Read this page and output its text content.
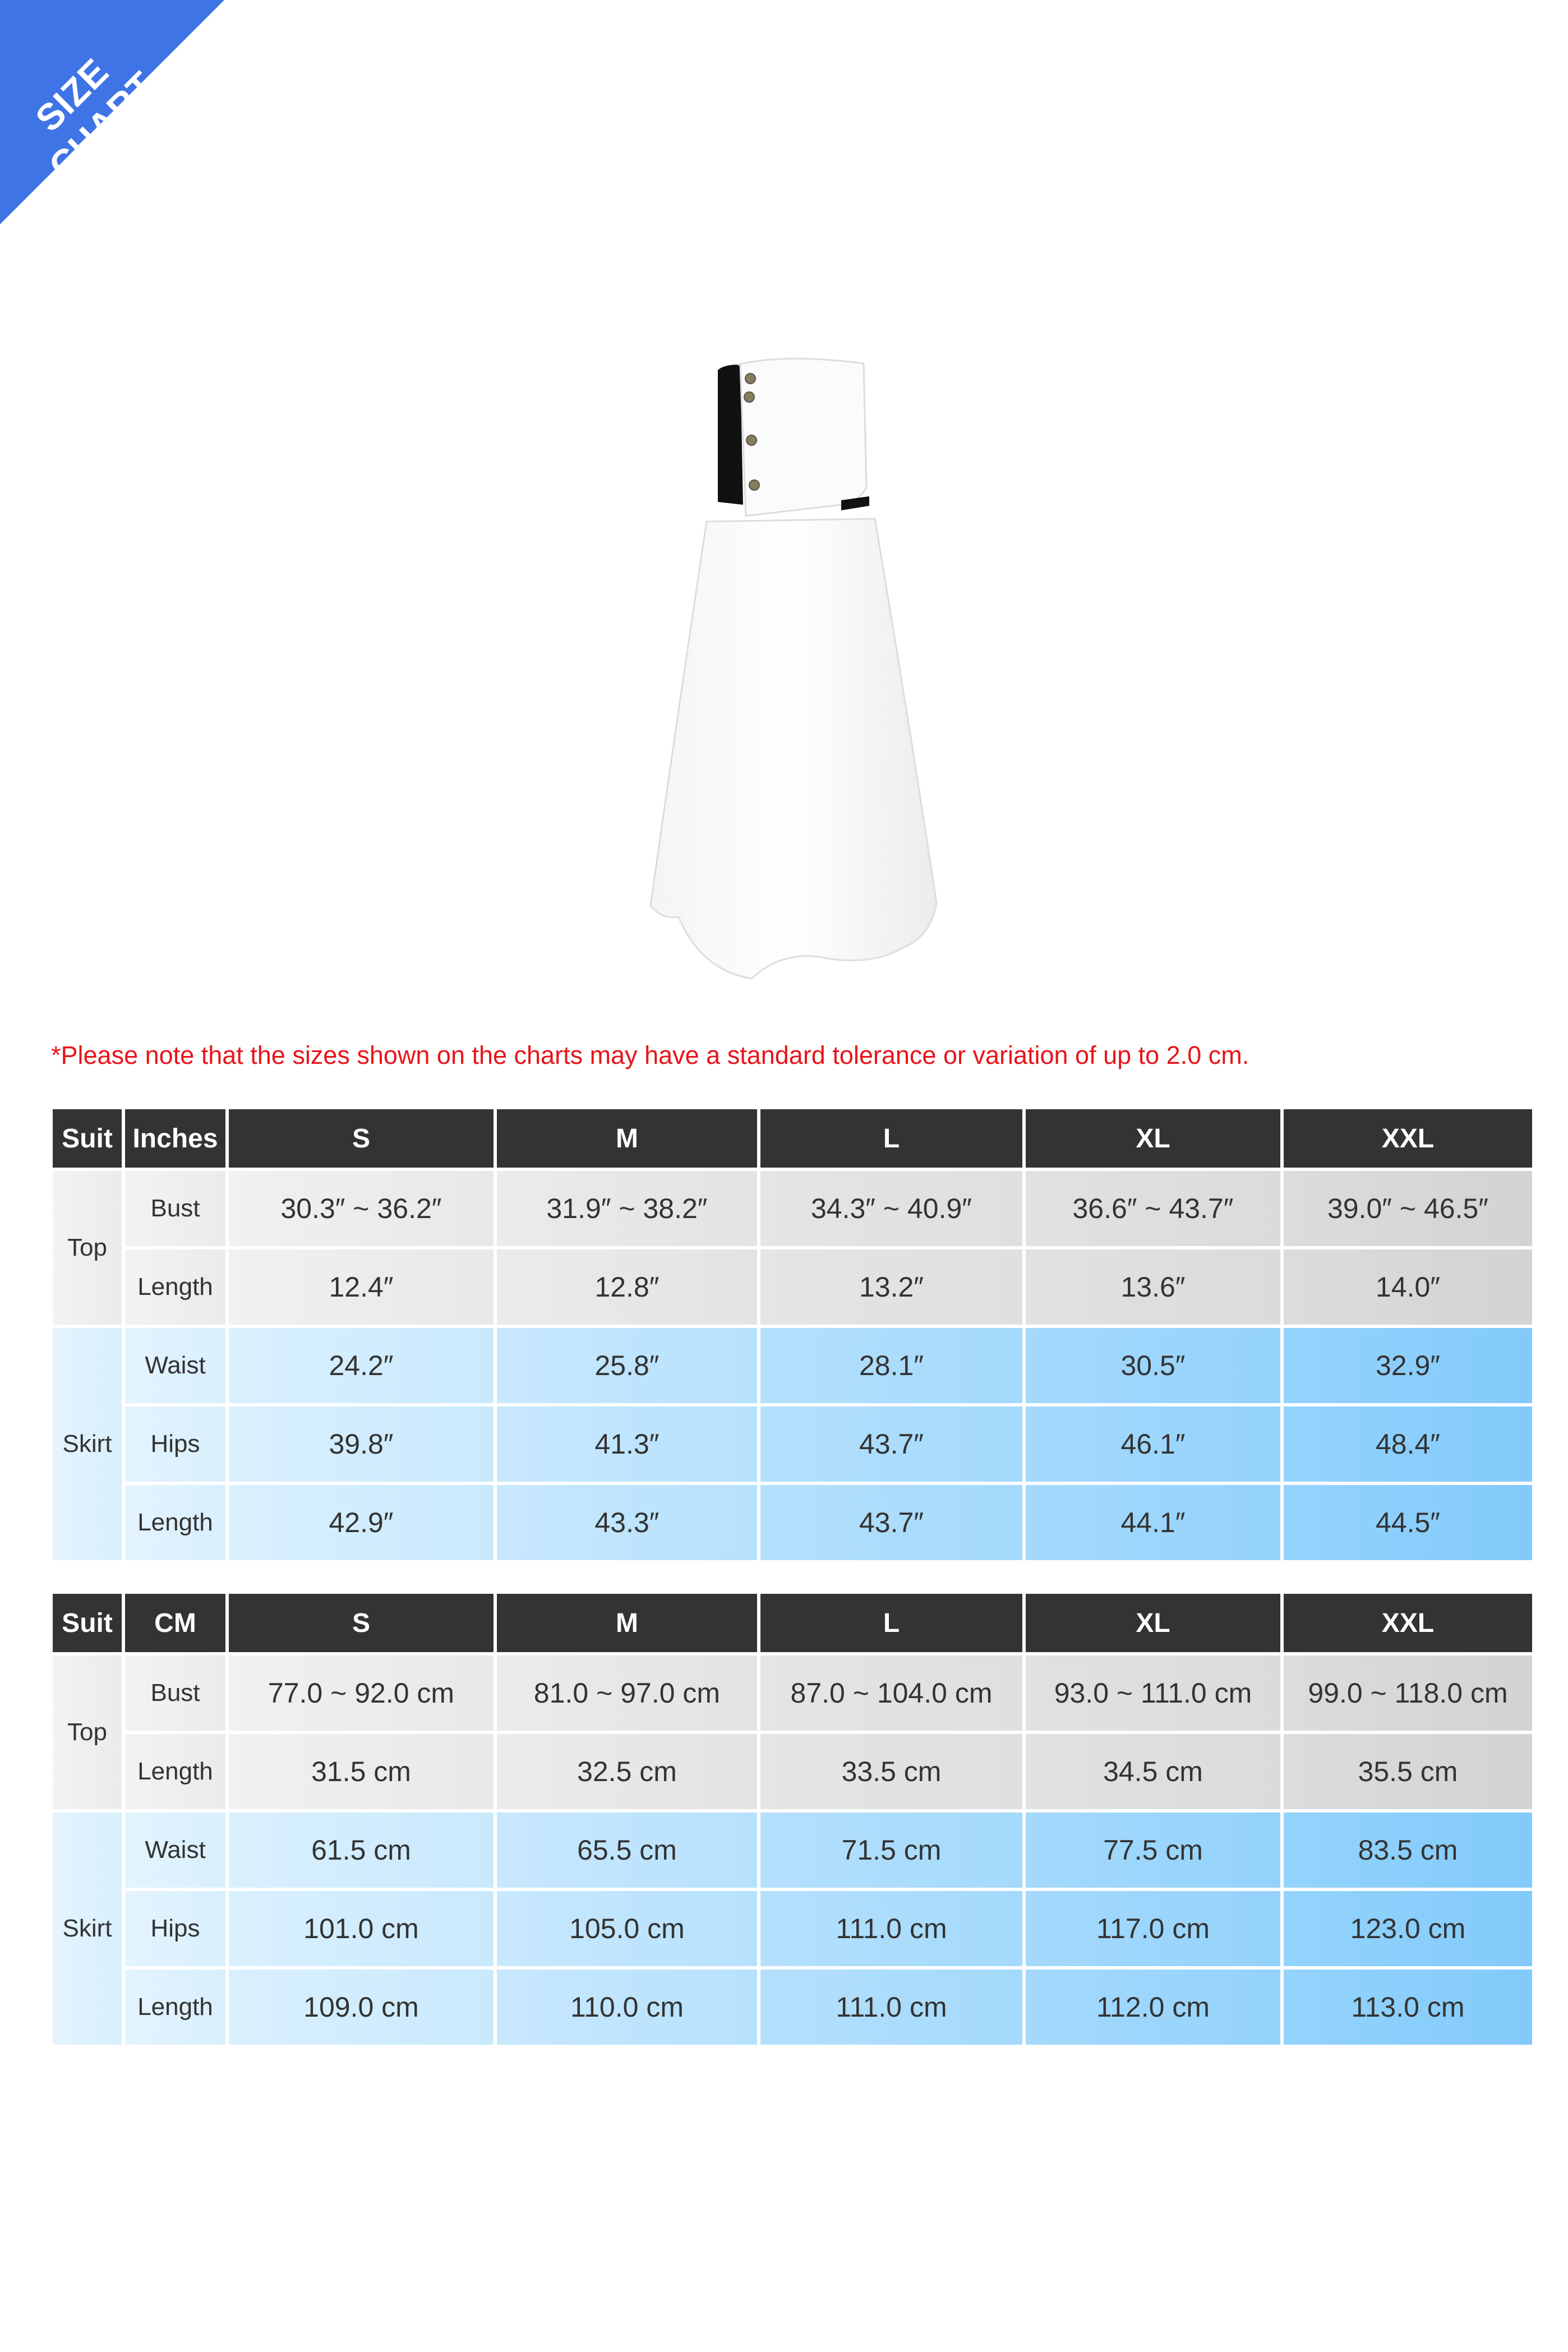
SIZE CHART
*Please note that the sizes shown on the charts may have a standard tolerance or variation of up to 2.0 cm.
Suit	Inches	S	M	L	XL	XXL
Top	Bust	30.3″ ~ 36.2″	31.9″ ~ 38.2″	34.3″ ~ 40.9″	36.6″ ~ 43.7″	39.0″ ~ 46.5″
	Length	12.4″	12.8″	13.2″	13.6″	14.0″
Skirt	Waist	24.2″	25.8″	28.1″	30.5″	32.9″
	Hips	39.8″	41.3″	43.7″	46.1″	48.4″
	Length	42.9″	43.3″	43.7″	44.1″	44.5″
Suit	CM	S	M	L	XL	XXL
Top	Bust	77.0 ~ 92.0 cm	81.0 ~ 97.0 cm	87.0 ~ 104.0 cm	93.0 ~ 111.0 cm	99.0 ~ 118.0 cm
	Length	31.5 cm	32.5 cm	33.5 cm	34.5 cm	35.5 cm
Skirt	Waist	61.5 cm	65.5 cm	71.5 cm	77.5 cm	83.5 cm
	Hips	101.0 cm	105.0 cm	111.0 cm	117.0 cm	123.0 cm
	Length	109.0 cm	110.0 cm	111.0 cm	112.0 cm	113.0 cm
